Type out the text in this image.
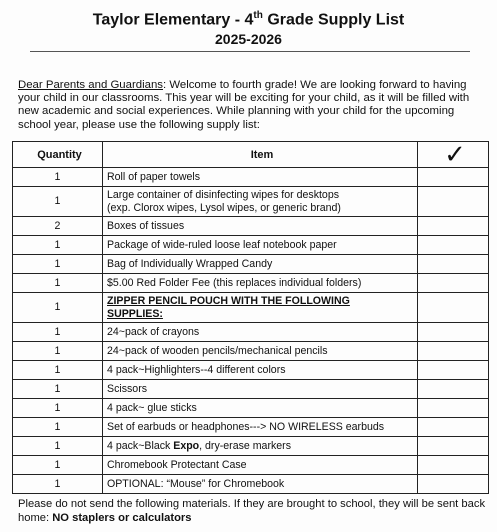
Taylor Elementary - 4th Grade Supply List
2025-2026
Dear Parents and Guardians: Welcome to fourth grade! We are looking forward to having your child in our classrooms. This year will be exciting for your child, as it will be filled with new academic and social experiences. While planning with your child for the upcoming school year, please use the following supply list:
Quantity	Item	✓
1	Roll of paper towels	
1	Large container of disinfecting wipes for desktops
(exp. Clorox wipes, Lysol wipes, or generic brand)	

2	Boxes of tissues	
1	Package of wide-ruled loose leaf notebook paper	
1	Bag of Individually Wrapped Candy	
1	$5.00 Red Folder Fee (this replaces individual folders)	
1	ZIPPER PENCIL POUCH WITH THE FOLLOWING
SUPPLIES:	
1	24~pack of crayons	
1	24~pack of wooden pencils/mechanical pencils	
1	4 pack~Highlighters--4 different colors	
1	Scissors	
1	4 pack~ glue sticks	
1	Set of earbuds or headphones---> NO WIRELESS earbuds	
1	4 pack~Black Expo, dry-erase markers	
1	Chromebook Protectant Case	
1	OPTIONAL: “Mouse” for Chromebook	
Please do not send the following materials. If they are brought to school, they will be sent back home: NO staplers or calculators
